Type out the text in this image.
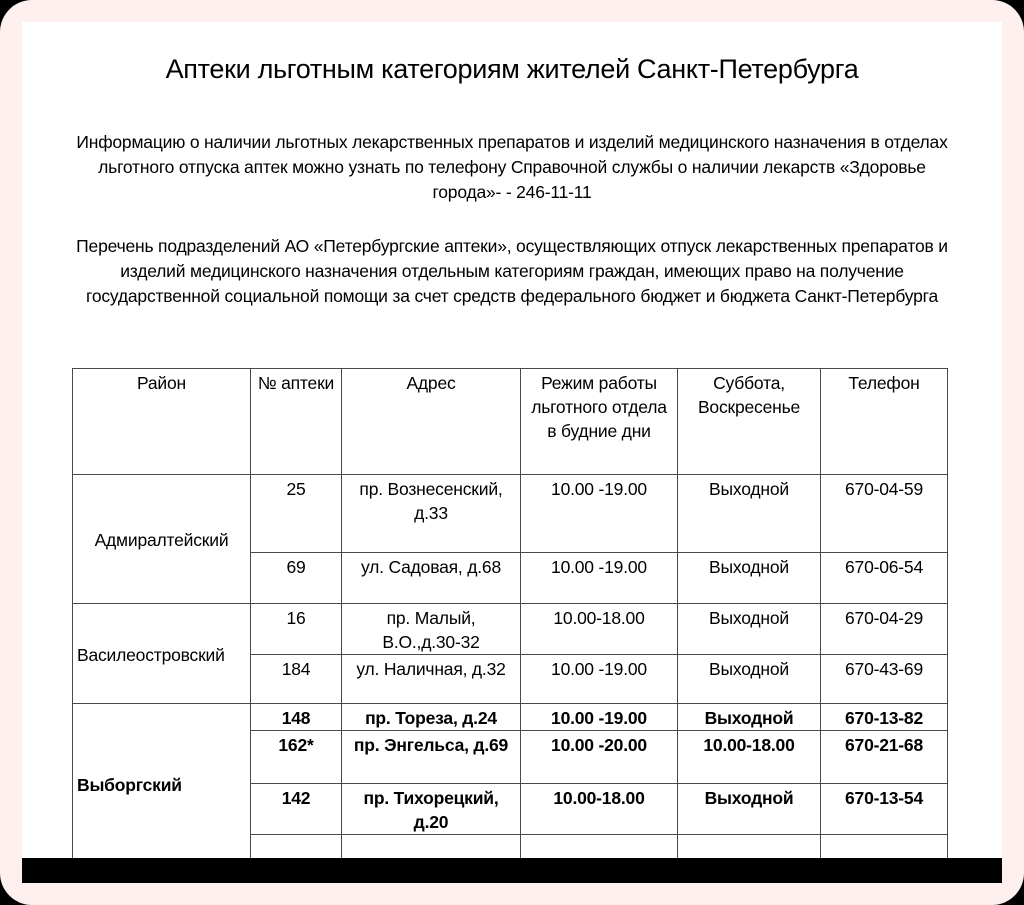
Аптеки льготным категориям жителей Санкт-Петербурга
Информацию о наличии льготных лекарственных препаратов и изделий медицинского назначения в отделах льготного отпуска аптек можно узнать по телефону Справочной службы о наличии лекарств «Здоровье города»- - 246-11-11
Перечень подразделений АО «Петербургские аптеки», осуществляющих отпуск лекарственных препаратов и изделий медицинского назначения отдельным категориям граждан, имеющих право на получение государственной социальной помощи за счет средств федерального бюджет и бюджета Санкт-Петербурга
Район	№ аптеки	Адрес	Режим работы льготного отдела в будние дни	Суббота, Воскресенье	Телефон
Адмиралтейский	25	пр. Вознесенский, д.33	10.00 -19.00	Выходной	670-04-59
	69	ул. Садовая, д.68	10.00 -19.00	Выходной	670-06-54
Василеостровский	16	пр. Малый, В.О.,д.30-32	10.00-18.00	Выходной	670-04-29
	184	ул. Наличная, д.32	10.00 -19.00	Выходной	670-43-69
Выборгский	148	пр. Тореза, д.24	10.00 -19.00	Выходной	670-13-82
	162*	пр. Энгельса, д.69	10.00 -20.00	10.00-18.00	670-21-68
	142	пр. Тихорецкий, д.20	10.00-18.00	Выходной	670-13-54
